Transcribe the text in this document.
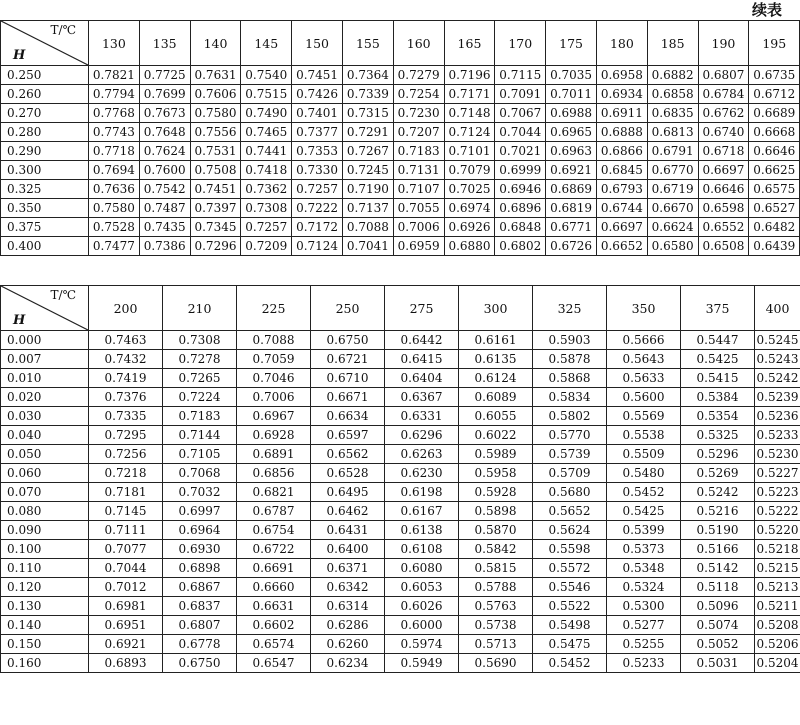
续表
T/℃
H	130	135	140	145	150	155	160	165	170	175	180	185	190	195
0.250	0.7821	0.7725	0.7631	0.7540	0.7451	0.7364	0.7279	0.7196	0.7115	0.7035	0.6958	0.6882	0.6807	0.6735
0.260	0.7794	0.7699	0.7606	0.7515	0.7426	0.7339	0.7254	0.7171	0.7091	0.7011	0.6934	0.6858	0.6784	0.6712
0.270	0.7768	0.7673	0.7580	0.7490	0.7401	0.7315	0.7230	0.7148	0.7067	0.6988	0.6911	0.6835	0.6762	0.6689
0.280	0.7743	0.7648	0.7556	0.7465	0.7377	0.7291	0.7207	0.7124	0.7044	0.6965	0.6888	0.6813	0.6740	0.6668
0.290	0.7718	0.7624	0.7531	0.7441	0.7353	0.7267	0.7183	0.7101	0.7021	0.6963	0.6866	0.6791	0.6718	0.6646
0.300	0.7694	0.7600	0.7508	0.7418	0.7330	0.7245	0.7131	0.7079	0.6999	0.6921	0.6845	0.6770	0.6697	0.6625
0.325	0.7636	0.7542	0.7451	0.7362	0.7257	0.7190	0.7107	0.7025	0.6946	0.6869	0.6793	0.6719	0.6646	0.6575
0.350	0.7580	0.7487	0.7397	0.7308	0.7222	0.7137	0.7055	0.6974	0.6896	0.6819	0.6744	0.6670	0.6598	0.6527
0.375	0.7528	0.7435	0.7345	0.7257	0.7172	0.7088	0.7006	0.6926	0.6848	0.6771	0.6697	0.6624	0.6552	0.6482
0.400	0.7477	0.7386	0.7296	0.7209	0.7124	0.7041	0.6959	0.6880	0.6802	0.6726	0.6652	0.6580	0.6508	0.6439
T/℃
H	200	210	225	250	275	300	325	350	375	400
0.000	0.7463	0.7308	0.7088	0.6750	0.6442	0.6161	0.5903	0.5666	0.5447	0.5245
0.007	0.7432	0.7278	0.7059	0.6721	0.6415	0.6135	0.5878	0.5643	0.5425	0.5243
0.010	0.7419	0.7265	0.7046	0.6710	0.6404	0.6124	0.5868	0.5633	0.5415	0.5242
0.020	0.7376	0.7224	0.7006	0.6671	0.6367	0.6089	0.5834	0.5600	0.5384	0.5239
0.030	0.7335	0.7183	0.6967	0.6634	0.6331	0.6055	0.5802	0.5569	0.5354	0.5236
0.040	0.7295	0.7144	0.6928	0.6597	0.6296	0.6022	0.5770	0.5538	0.5325	0.5233
0.050	0.7256	0.7105	0.6891	0.6562	0.6263	0.5989	0.5739	0.5509	0.5296	0.5230
0.060	0.7218	0.7068	0.6856	0.6528	0.6230	0.5958	0.5709	0.5480	0.5269	0.5227
0.070	0.7181	0.7032	0.6821	0.6495	0.6198	0.5928	0.5680	0.5452	0.5242	0.5223
0.080	0.7145	0.6997	0.6787	0.6462	0.6167	0.5898	0.5652	0.5425	0.5216	0.5222
0.090	0.7111	0.6964	0.6754	0.6431	0.6138	0.5870	0.5624	0.5399	0.5190	0.5220
0.100	0.7077	0.6930	0.6722	0.6400	0.6108	0.5842	0.5598	0.5373	0.5166	0.5218
0.110	0.7044	0.6898	0.6691	0.6371	0.6080	0.5815	0.5572	0.5348	0.5142	0.5215
0.120	0.7012	0.6867	0.6660	0.6342	0.6053	0.5788	0.5546	0.5324	0.5118	0.5213
0.130	0.6981	0.6837	0.6631	0.6314	0.6026	0.5763	0.5522	0.5300	0.5096	0.5211
0.140	0.6951	0.6807	0.6602	0.6286	0.6000	0.5738	0.5498	0.5277	0.5074	0.5208
0.150	0.6921	0.6778	0.6574	0.6260	0.5974	0.5713	0.5475	0.5255	0.5052	0.5206
0.160	0.6893	0.6750	0.6547	0.6234	0.5949	0.5690	0.5452	0.5233	0.5031	0.5204
